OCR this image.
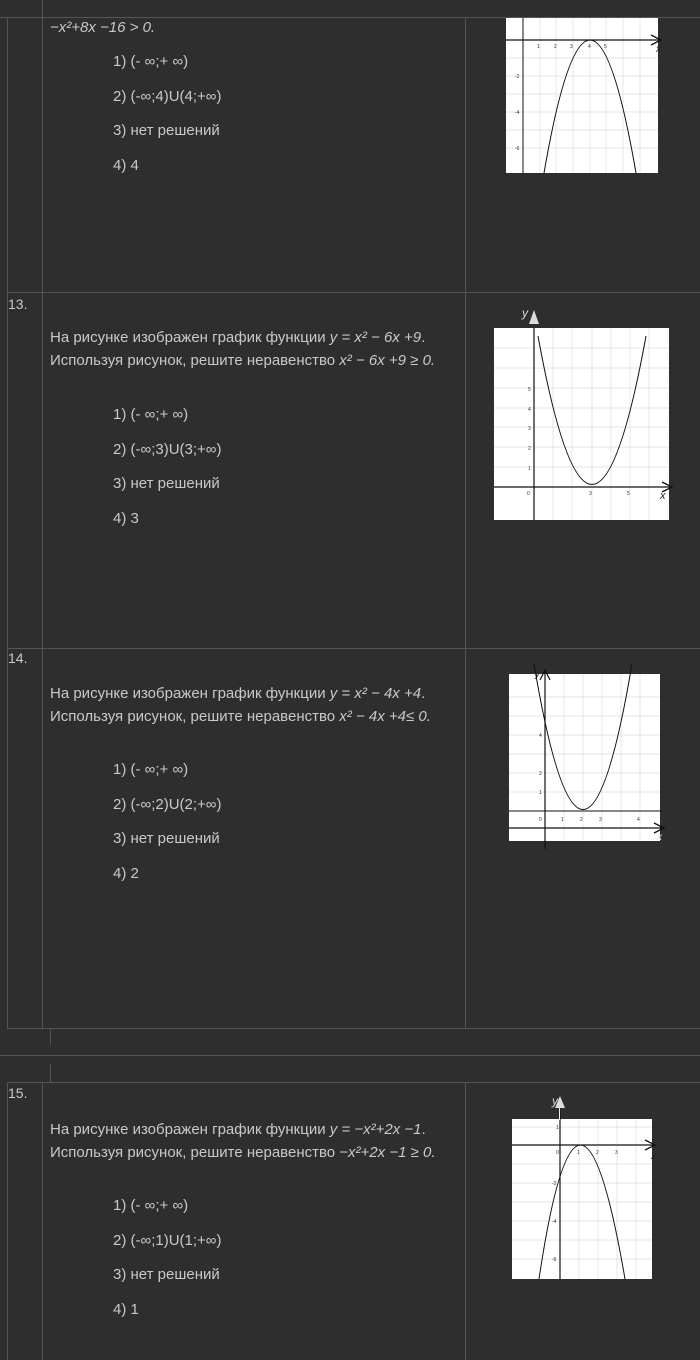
−x²+8x −16 > 0.
1) (- ∞;+ ∞)
2) (-∞;4)U(4;+∞)
3) нет решений
4) 4
x
1	2	3	4	5
-2
-4
-6
13.
На рисунке изображен график функции y = x² − 6x +9. Используя рисунок, решите неравенство x² − 6x +9 ≥ 0.
1) (- ∞;+ ∞)
2) (-∞;3)U(3;+∞)
3) нет решений
4) 3
0	3	5
1
2
3
4
5
y
x
14.
На рисунке изображен график функции y = x² − 4x +4. Используя рисунок, решите неравенство x² − 4x +4≤ 0.
1) (- ∞;+ ∞)
2) (-∞;2)U(2;+∞)
3) нет решений
4) 2
0	1	2	3	4
1
2
4
x
y
15.
На рисунке изображен график функции y = −x²+2x −1. Используя рисунок, решите неравенство −x²+2x −1 ≥ 0.
1) (- ∞;+ ∞)
2) (-∞;1)U(1;+∞)
3) нет решений
4) 1
x
0	1	2	3
1
-2
-4
-6
y
